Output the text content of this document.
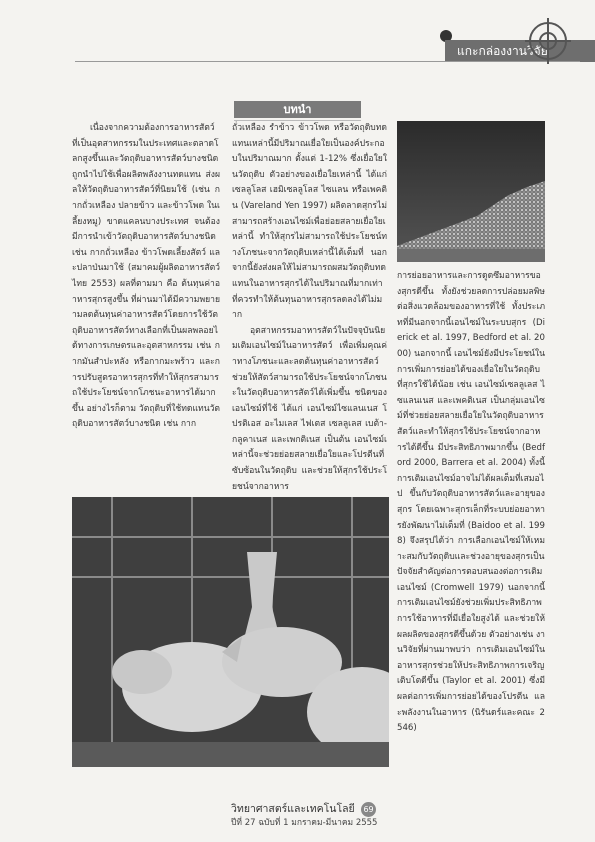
แกะกล่องงานวิจัย
บทนำ

เนื่องจากความต้องการอาหารสัตว์ที่เป็นอุตสาหกรรมในประเทศและตลาดโลกสูงขึ้นและวัตถุดิบอาหารสัตว์บางชนิดถูกนำไปใช้เพื่อผลิตพลังงานทดแทน ส่งผลให้วัตถุดิบอาหารสัตว์ที่นิยมใช้ (เช่น กากถั่วเหลือง ปลายข้าว และข้าวโพด ในเลี้ยงหมู) ขาดแคลนบางประเทศ จนต้องมีการนำเข้าวัตถุดิบอาหารสัตว์บางชนิด เช่น กากถั่วเหลือง ข้าวโพดเลี้ยงสัตว์ และปลาป่นมาใช้ (สมาคมผู้ผลิตอาหารสัตว์ไทย 2553) ผลที่ตามมา คือ ต้นทุนค่าอาหารสุกรสูงขึ้น ที่ผ่านมาได้มีความพยายามลดต้นทุนค่าอาหารสัตว์โดยการใช้วัตถุดิบอาหารสัตว์ทางเลือกที่เป็นผลพลอยได้ทางการเกษตรและอุตสาหกรรม เช่น กากมันสำปะหลัง หรือกากมะพร้าว และการปรับสูตรอาหารสุกรที่ทำให้สุกรสามารถใช้ประโยชน์จากโภชนะอาหารได้มากขึ้น อย่างไรก็ตาม วัตถุดิบที่ใช้ทดแทนวัตถุดิบอาหารสัตว์บางชนิด เช่น กาก

ถั่วเหลือง รำข้าว ข้าวโพด หรือวัตถุดิบทดแทนเหล่านี้มีปริมาณเยื่อใยเป็นองค์ประกอบในปริมาณมาก ตั้งแต่ 1-12% ซึ่งเยื่อใยในวัตถุดิบ ตัวอย่างของเยื่อใยเหล่านี้ ได้แก่ เซลลูโลส เฮมิเซลลูโลส ไซแลน หรือเพคติน (Vareland Yen 1997) ผลิตลาดสุกรไม่สามารถสร้างเอนไซม์เพื่อย่อยสลายเยื่อใยเหล่านี้ ทำให้สุกรไม่สามารถใช้ประโยชน์ทางโภชนะจากวัตถุดิบเหล่านี้ได้เต็มที่ นอกจากนี้ยังส่งผลให้ไม่สามารถผสมวัตถุดิบทดแทนในอาหารสุกรได้ในปริมาณที่มากเท่าที่ควรทำให้ต้นทุนอาหารสุกรลดลงได้ไม่มาก

อุตสาหกรรมอาหารสัตว์ในปัจจุบันนิยมเติมเอนไซม์ในอาหารสัตว์ เพื่อเพิ่มคุณค่าทางโภชนะและลดต้นทุนค่าอาหารสัตว์ ช่วยให้สัตว์สามารถใช้ประโยชน์จากโภชนะในวัตถุดิบอาหารสัตว์ได้เพิ่มขึ้น ชนิดของเอนไซม์ที่ใช้ ได้แก่ เอนไซม์ไซแลนเนส โปรติเอส อะไมเลส ไฟเตส เซลลูเลส เบต้า-กลูคาเนส และเพกติเนส เป็นต้น เอนไซม์เหล่านี้จะช่วยย่อยสลายเยื่อใยและโปรตีนที่ซับซ้อนในวัตถุดิบ และช่วยให้สุกรใช้ประโยชน์จากอาหาร

การย่อยอาหารและการดูดซึมอาหารของสุกรดีขึ้น ทั้งยังช่วยลดการปล่อยมลพิษต่อสิ่งแวดล้อมของอาหารที่ใช้ ทั้งประเภทที่มีนอกจากนี้เอนไซม์ในระบบสุกร (Dierick et al. 1997, Bedford et al. 2000) นอกจากนี้ เอนไซม์ยังมีประโยชน์ในการเพิ่มการย่อยได้ของเยื่อใยในวัตถุดิบที่สุกรใช้ได้น้อย เช่น เอนไซม์เซลลูเลส ไซแลนเนส และเพคติเนส เป็นกลุ่มเอนไซม์ที่ช่วยย่อยสลายเยื่อใยในวัตถุดิบอาหารสัตว์และทำให้สุกรใช้ประโยชน์จากอาหารได้ดีขึ้น มีประสิทธิภาพมากขึ้น (Bedford 2000, Barrera et al. 2004) ทั้งนี้ การเติมเอนไซม์อาจไม่ได้ผลเต็มที่เสมอไป ขึ้นกับวัตถุดิบอาหารสัตว์และอายุของสุกร โดยเฉพาะสุกรเล็กที่ระบบย่อยอาหารยังพัฒนาไม่เต็มที่ (Baidoo et al. 1998) จึงสรุปได้ว่า การเลือกเอนไซม์ให้เหมาะสมกับวัตถุดิบและช่วงอายุของสุกรเป็นปัจจัยสำคัญต่อการตอบสนองต่อการเติมเอนไซม์ (Cromwell 1979) นอกจากนี้ การเติมเอนไซม์ยังช่วยเพิ่มประสิทธิภาพการใช้อาหารที่มีเยื่อใยสูงได้ และช่วยให้ผลผลิตของสุกรดีขึ้นด้วย ตัวอย่างเช่น งานวิจัยที่ผ่านมาพบว่า การเติมเอนไซม์ในอาหารสุกรช่วยให้ประสิทธิภาพการเจริญเติบโตดีขึ้น (Taylor et al. 2001) ซึ่งมีผลต่อการเพิ่มการย่อยได้ของโปรตีน และพลังงานในอาหาร (นิรันดร์และคณะ 2546)

วิทยาศาสตร์และเทคโนโลยี 69
ปีที่ 27 ฉบับที่ 1 มกราคม-มีนาคม 2555
